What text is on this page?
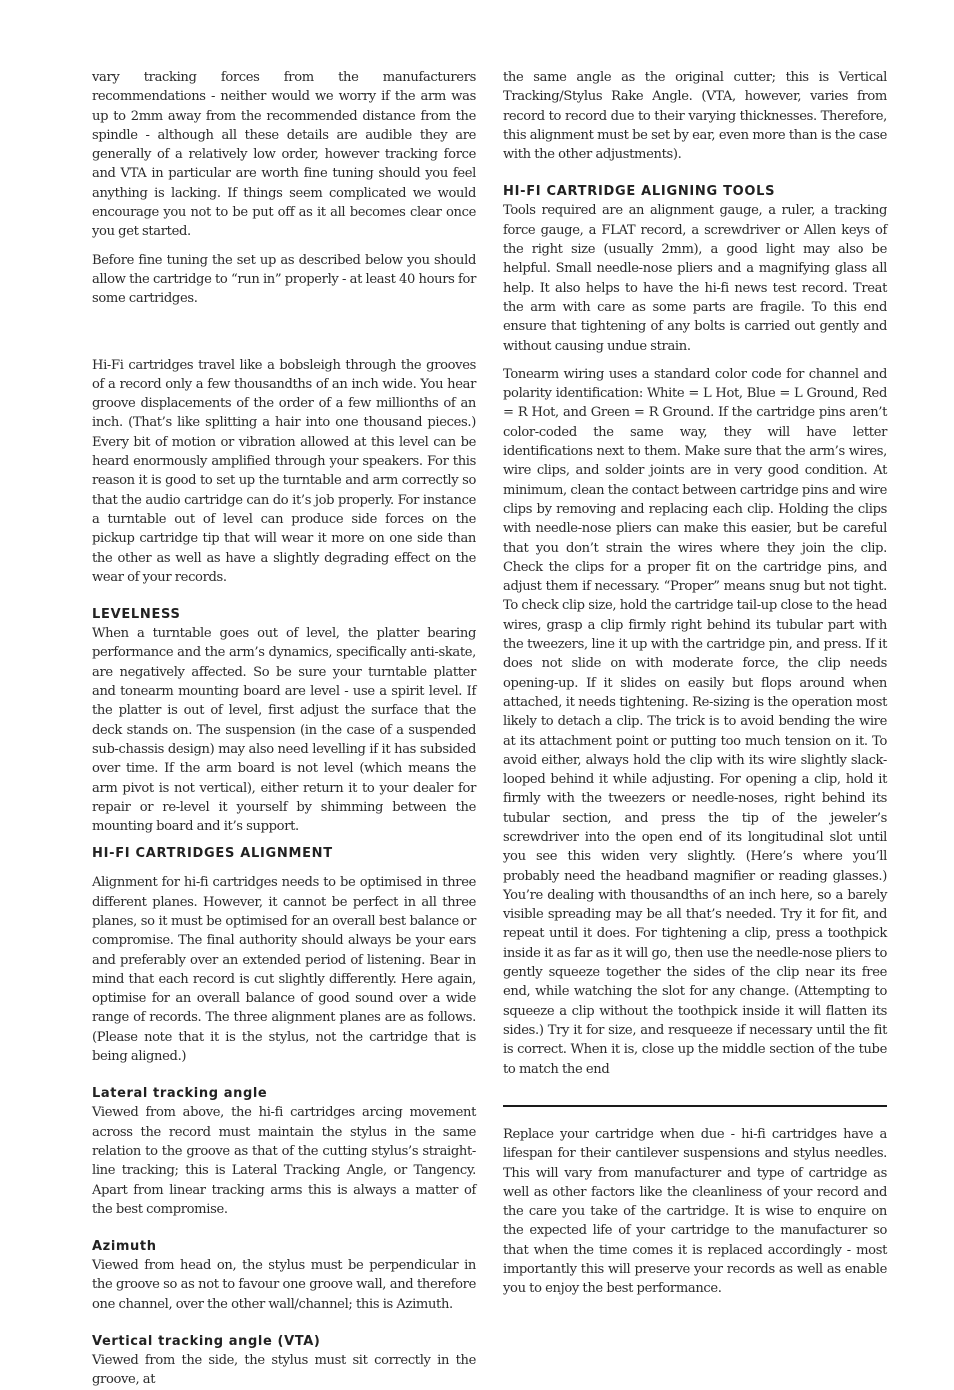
vary tracking forces from the manufacturers recommendations - neither would we worry if the arm was up to 2mm away from the recommended distance from the spindle - although all these details are audible they are generally of a relatively low order, however tracking force and VTA in particular are worth fine tuning should you feel anything is lacking. If things seem complicated we would encourage you not to be put off as it all becomes clear once you get started.

Before fine tuning the set up as described below you should allow the cartridge to “run in” properly - at least 40 hours for some cartridges.

Hi-Fi cartridges travel like a bobsleigh through the grooves of a record only a few thousandths of an inch wide. You hear groove displacements of the order of a few millionths of an inch. (That’s like splitting a hair into one thousand pieces.) Every bit of motion or vibration allowed at this level can be heard enormously amplified through your speakers. For this reason it is good to set up the turntable and arm correctly so that the audio cartridge can do it’s job properly. For instance a turntable out of level can produce side forces on the pickup cartridge tip that will wear it more on one side than the other as well as have a slightly degrading effect on the wear of your records.

LEVELNESS

When a turntable goes out of level, the platter bearing performance and the arm’s dynamics, specifically anti-skate, are negatively affected. So be sure your turntable platter and tonearm mounting board are level - use a spirit level. If the platter is out of level, first adjust the surface that the deck stands on. The suspension (in the case of a suspended sub-chassis design) may also need levelling if it has subsided over time. If the arm board is not level (which means the arm pivot is not vertical), either return it to your dealer for repair or re-level it yourself by shimming between the mounting board and it’s support.

HI-FI CARTRIDGES ALIGNMENT

Alignment for hi-fi cartridges needs to be optimised in three different planes. However, it cannot be perfect in all three planes, so it must be optimised for an overall best balance or compromise. The final authority should always be your ears and preferably over an extended period of listening. Bear in mind that each record is cut slightly differently. Here again, optimise for an overall balance of good sound over a wide range of records. The three alignment planes are as follows. (Please note that it is the stylus, not the cartridge that is being aligned.)

Lateral tracking angle

Viewed from above, the hi-fi cartridges arcing movement across the record must maintain the stylus in the same relation to the groove as that of the cutting stylus’s straight-line tracking; this is Lateral Tracking Angle, or Tangency. Apart from linear tracking arms this is always a matter of the best compromise.

Azimuth

Viewed from head on, the stylus must be perpendicular in the groove so as not to favour one groove wall, and therefore one channel, over the other wall/channel; this is Azimuth.

Vertical tracking angle (VTA)

Viewed from the side, the stylus must sit correctly in the groove, at

the same angle as the original cutter; this is Vertical Tracking/Stylus Rake Angle. (VTA, however, varies from record to record due to their varying thicknesses. Therefore, this alignment must be set by ear, even more than is the case with the other adjustments).

HI-FI CARTRIDGE ALIGNING TOOLS

Tools required are an alignment gauge, a ruler, a tracking force gauge, a FLAT record, a screwdriver or Allen keys of the right size (usually 2mm), a good light may also be helpful. Small needle-nose pliers and a magnifying glass all help. It also helps to have the hi-fi news test record. Treat the arm with care as some parts are fragile. To this end ensure that tightening of any bolts is carried out gently and without causing undue strain.

Tonearm wiring uses a standard color code for channel and polarity identification: White = L Hot, Blue = L Ground, Red = R Hot, and Green = R Ground. If the cartridge pins aren’t color-coded the same way, they will have letter identifications next to them. Make sure that the arm’s wires, wire clips, and solder joints are in very good condition. At minimum, clean the contact between cartridge pins and wire clips by removing and replacing each clip. Holding the clips with needle-nose pliers can make this easier, but be careful that you don’t strain the wires where they join the clip. Check the clips for a proper fit on the cartridge pins, and adjust them if necessary. “Proper” means snug but not tight. To check clip size, hold the cartridge tail-up close to the head wires, grasp a clip firmly right behind its tubular part with the tweezers, line it up with the cartridge pin, and press. If it does not slide on with moderate force, the clip needs opening-up. If it slides on easily but flops around when attached, it needs tightening. Re-sizing is the operation most likely to detach a clip. The trick is to avoid bending the wire at its attachment point or putting too much tension on it. To avoid either, always hold the clip with its wire slightly slack-looped behind it while adjusting. For opening a clip, hold it firmly with the tweezers or needle-noses, right behind its tubular section, and press the tip of the jeweler’s screwdriver into the open end of its longitudinal slot until you see this widen very slightly. (Here’s where you’ll probably need the headband magnifier or reading glasses.) You’re dealing with thousandths of an inch here, so a barely visible spreading may be all that’s needed. Try it for fit, and repeat until it does. For tightening a clip, press a toothpick inside it as far as it will go, then use the needle-nose pliers to gently squeeze together the sides of the clip near its free end, while watching the slot for any change. (Attempting to squeeze a clip without the toothpick inside it will flatten its sides.) Try it for size, and resqueeze if necessary until the fit is correct. When it is, close up the middle section of the tube to match the end

Replace your cartridge when due - hi-fi cartridges have a lifespan for their cantilever suspensions and stylus needles. This will vary from manufacturer and type of cartridge as well as other factors like the cleanliness of your record and the care you take of the cartridge. It is wise to enquire on the expected life of your cartridge to the manufacturer so that when the time comes it is replaced accordingly - most importantly this will preserve your records as well as enable you to enjoy the best performance.
